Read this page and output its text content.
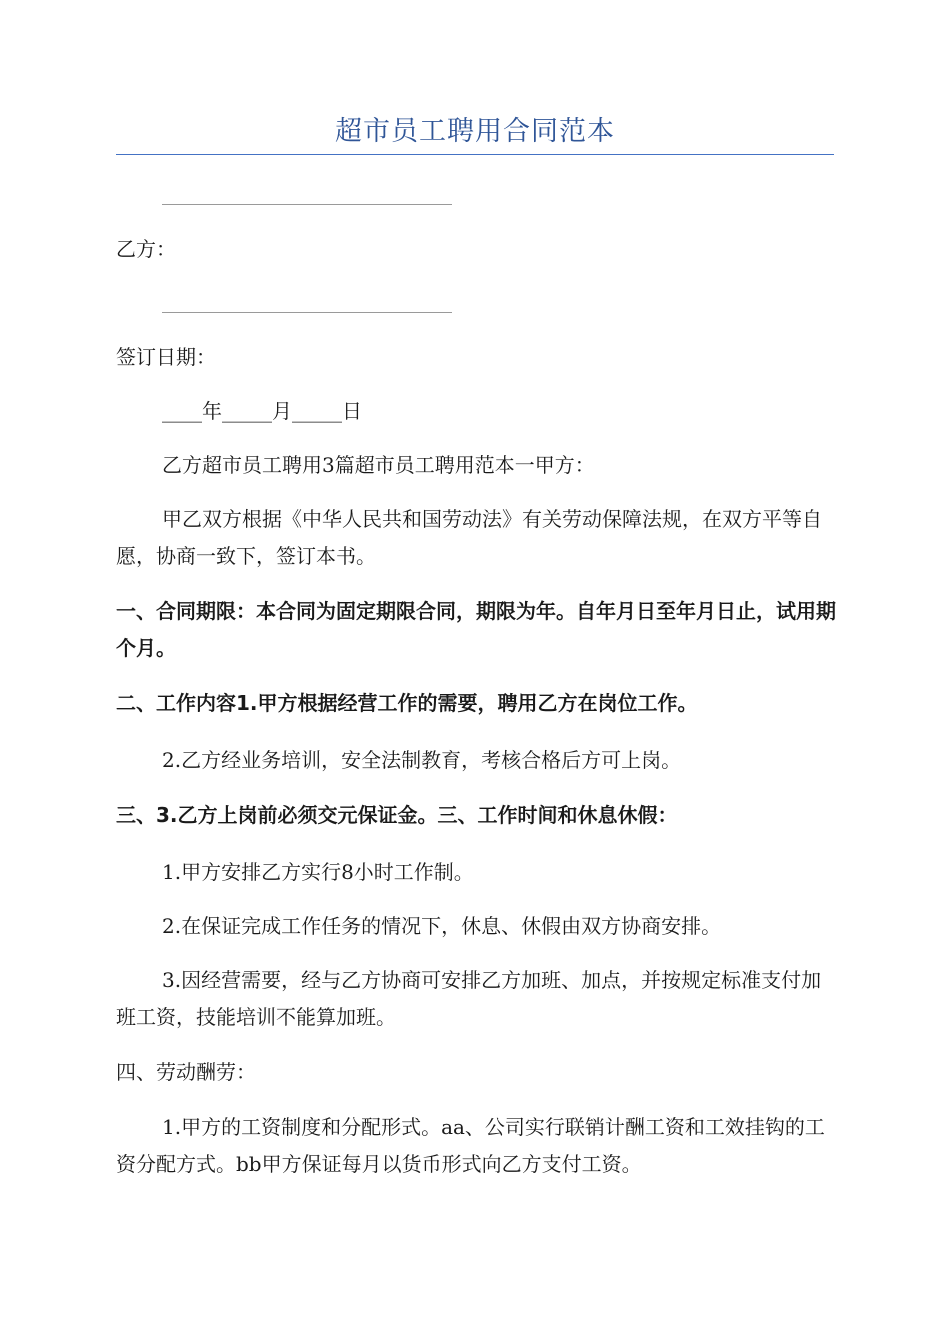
超市员工聘用合同范本

乙方：

签订日期：

____年_____月_____日

乙方超市员工聘用3篇超市员工聘用范本一甲方：

甲乙双方根据《中华人民共和国劳动法》有关劳动保障法规，在双方平等自愿，协商一致下，签订本书。

一、合同期限：本合同为固定期限合同，期限为年。自年月日至年月日止，试用期个月。

二、工作内容1.甲方根据经营工作的需要，聘用乙方在岗位工作。

2.乙方经业务培训，安全法制教育，考核合格后方可上岗。

三、3.乙方上岗前必须交元保证金。三、工作时间和休息休假：

1.甲方安排乙方实行8小时工作制。

2.在保证完成工作任务的情况下，休息、休假由双方协商安排。

3.因经营需要，经与乙方协商可安排乙方加班、加点，并按规定标准支付加班工资，技能培训不能算加班。

四、劳动酬劳：

1.甲方的工资制度和分配形式。aa、公司实行联销计酬工资和工效挂钩的工资分配方式。bb甲方保证每月以货币形式向乙方支付工资。
